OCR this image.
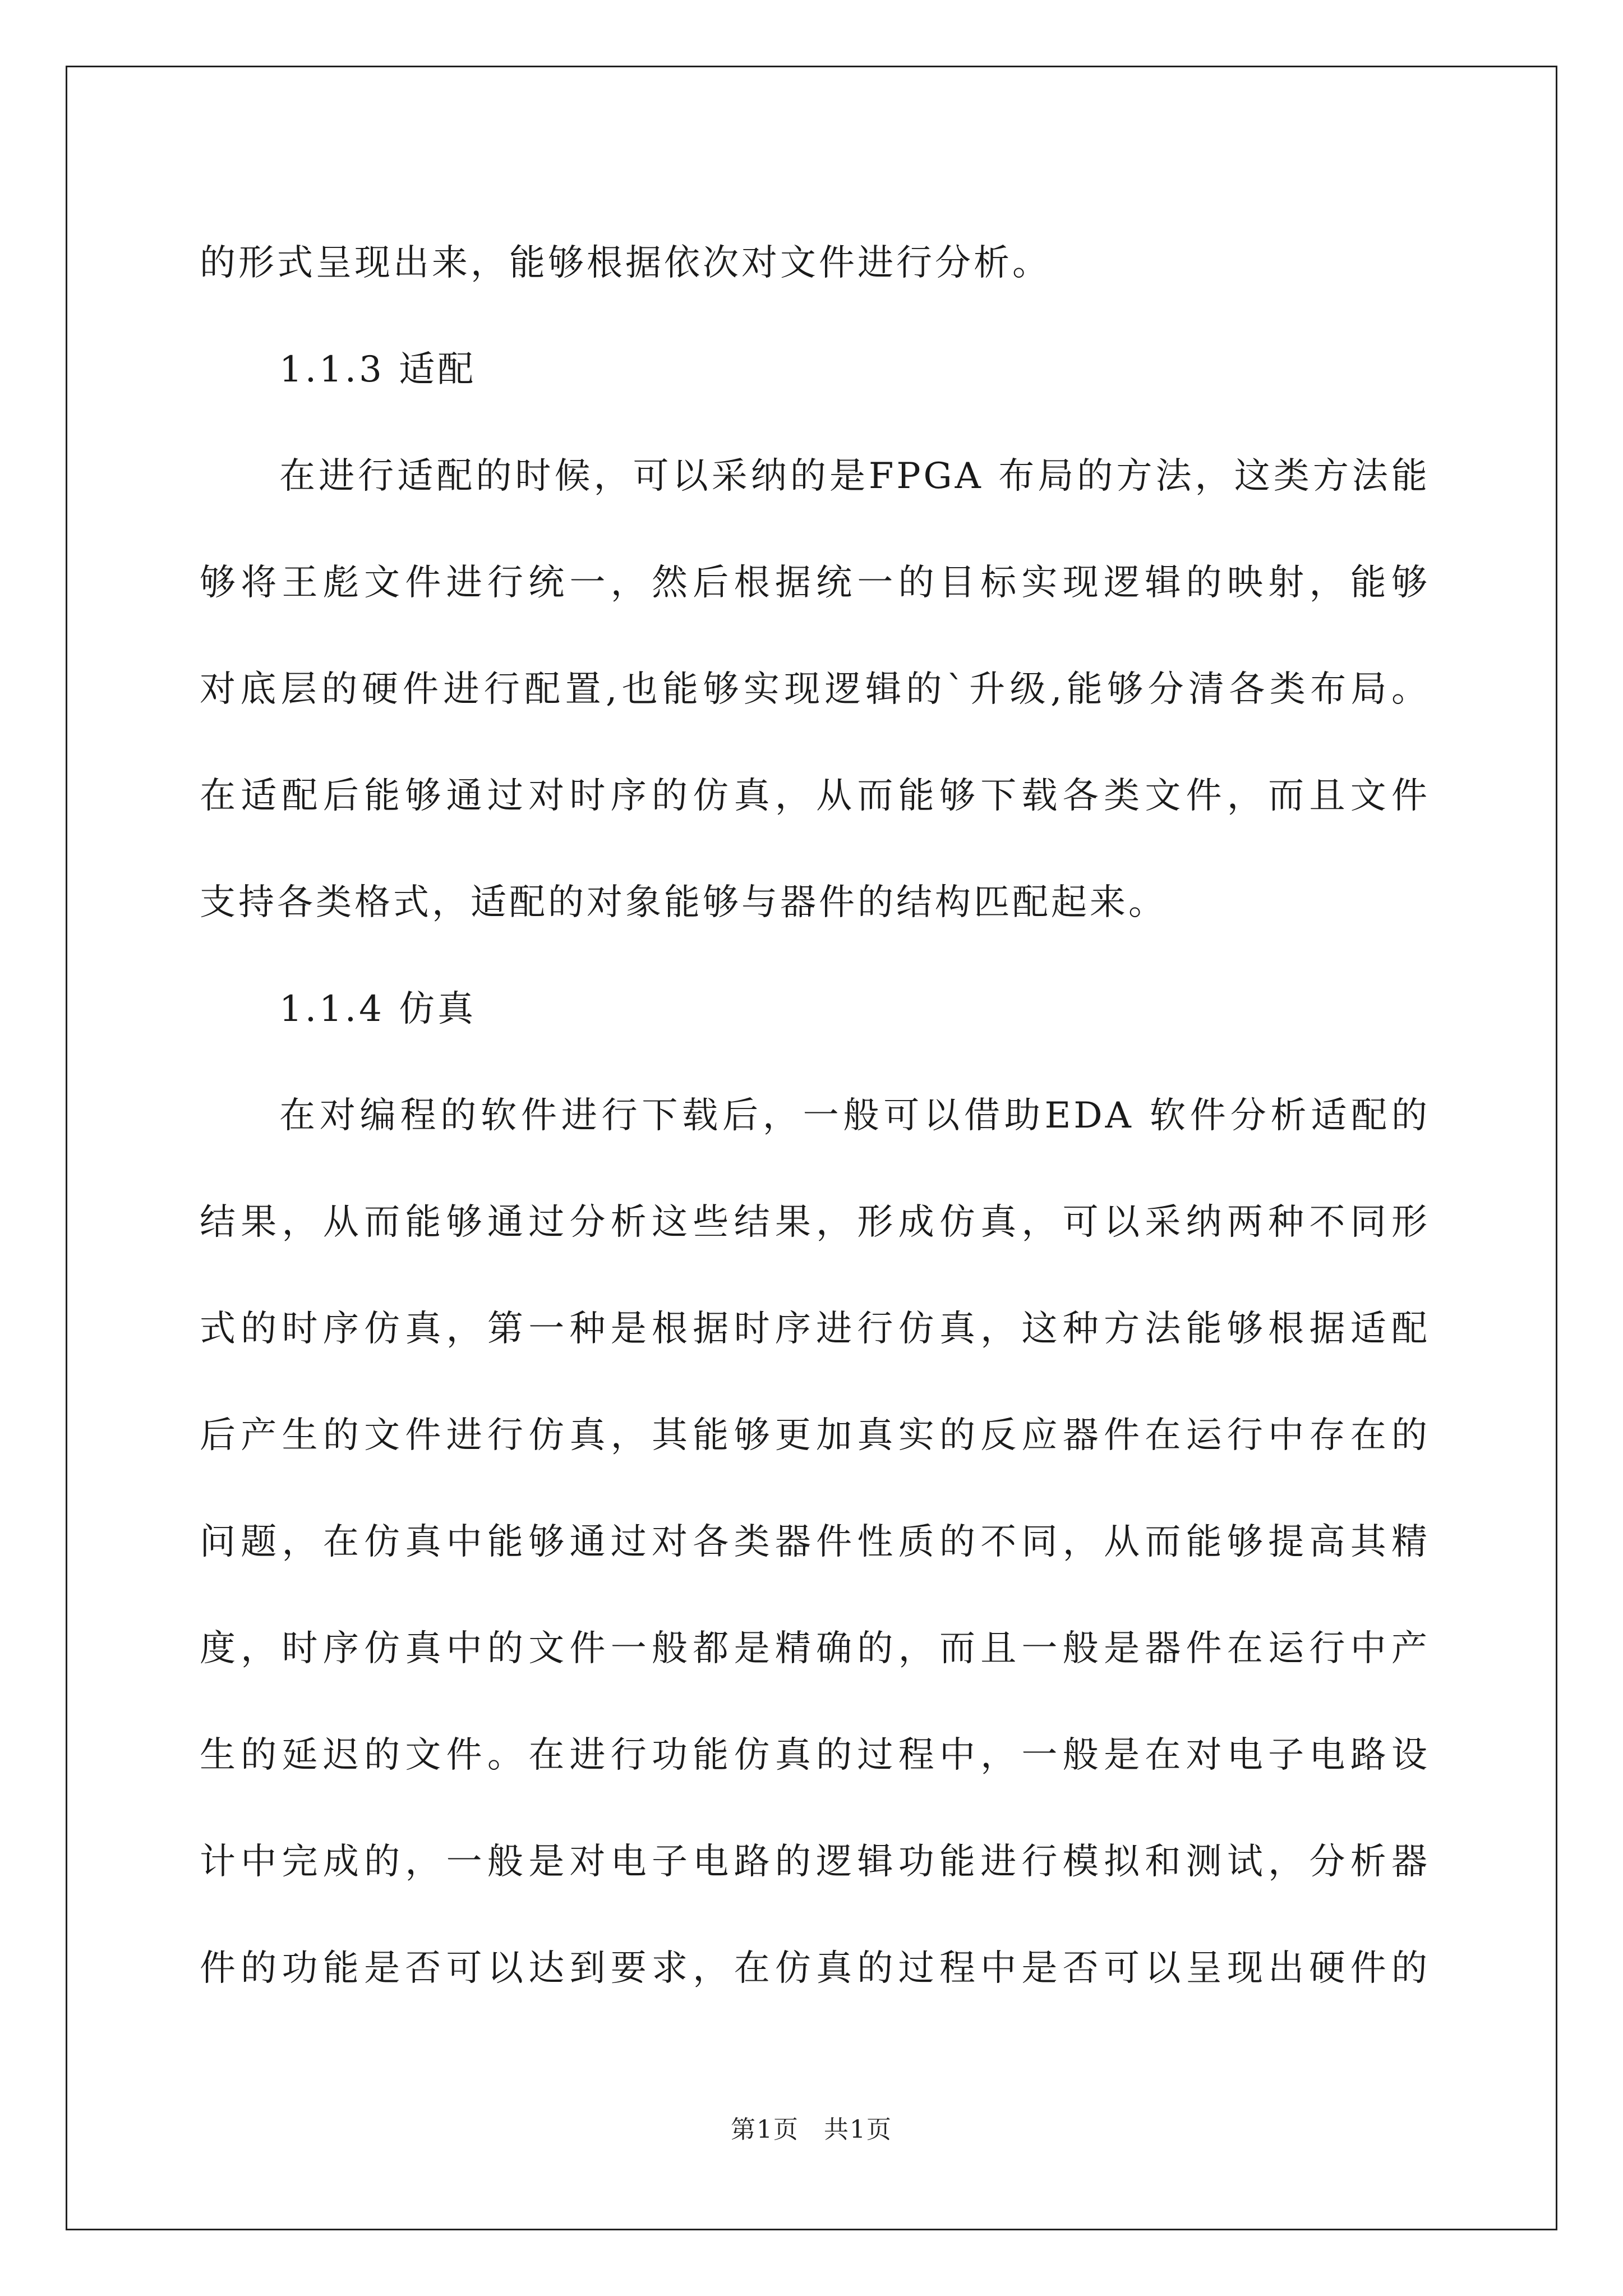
的形式呈现出来，能够根据依次对文件进行分析。
1.1.3 适配
在进行适配的时候，可以采纳的是FPGA 布局的方法，这类方法能
够将王彪文件进行统一，然后根据统一的目标实现逻辑的映射，能够
对底层的硬件进行配置,也能够实现逻辑的`升级,能够分清各类布局。
在适配后能够通过对时序的仿真，从而能够下载各类文件，而且文件
支持各类格式，适配的对象能够与器件的结构匹配起来。
1.1.4 仿真
在对编程的软件进行下载后，一般可以借助EDA 软件分析适配的
结果，从而能够通过分析这些结果，形成仿真，可以采纳两种不同形
式的时序仿真，第一种是根据时序进行仿真，这种方法能够根据适配
后产生的文件进行仿真，其能够更加真实的反应器件在运行中存在的
问题，在仿真中能够通过对各类器件性质的不同，从而能够提高其精
度，时序仿真中的文件一般都是精确的，而且一般是器件在运行中产
生的延迟的文件。在进行功能仿真的过程中，一般是在对电子电路设
计中完成的，一般是对电子电路的逻辑功能进行模拟和测试，分析器
件的功能是否可以达到要求，在仿真的过程中是否可以呈现出硬件的
第1页 共1页
